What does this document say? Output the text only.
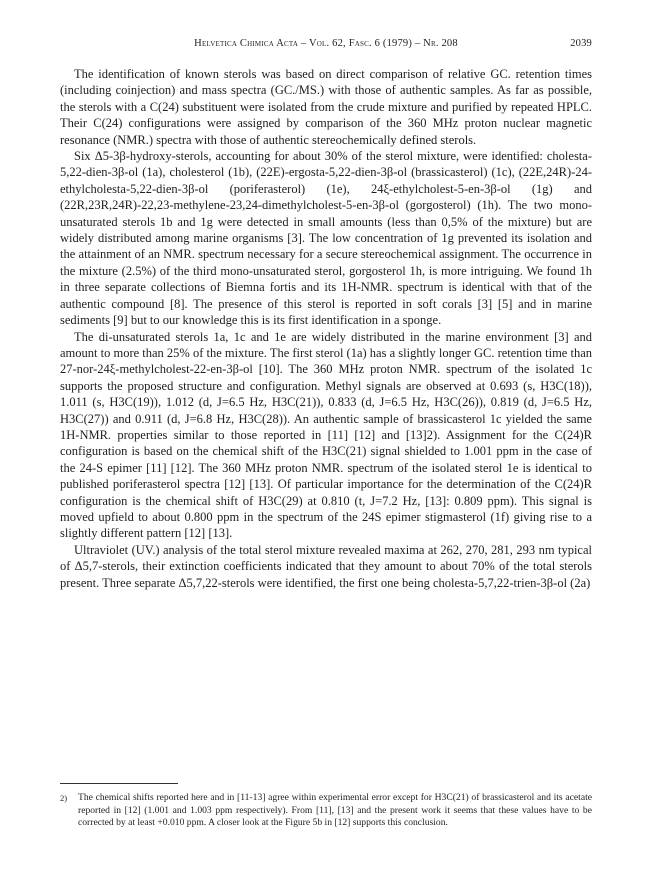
Helvetica Chimica Acta – Vol. 62, Fasc. 6 (1979) – Nr. 208	2039

The identification of known sterols was based on direct comparison of relative GC. retention times (including coinjection) and mass spectra (GC./MS.) with those of authentic samples. As far as possible, the sterols with a C(24) substituent were isolated from the crude mixture and purified by repeated HPLC. Their C(24) configurations were assigned by comparison of the 360 MHz proton nuclear magnetic resonance (NMR.) spectra with those of authentic stereochemically defined sterols.

Six Δ5-3β-hydroxy-sterols, accounting for about 30% of the sterol mixture, were identified: cholesta-5,22-dien-3β-ol (1a), cholesterol (1b), (22E)-ergosta-5,22-dien-3β-ol (brassicasterol) (1c), (22E,24R)-24-ethylcholesta-5,22-dien-3β-ol (poriferasterol) (1e), 24ξ-ethylcholest-5-en-3β-ol (1g) and (22R,23R,24R)-22,23-methylene-23,24-dimethylcholest-5-en-3β-ol (gorgosterol) (1h). The two mono-unsaturated sterols 1b and 1g were detected in small amounts (less than 0,5% of the mixture) but are widely distributed among marine organisms [3]. The low concentration of 1g prevented its isolation and the attainment of an NMR. spectrum necessary for a secure stereochemical assignment. The occurrence in the mixture (2.5%) of the third mono-unsaturated sterol, gorgosterol 1h, is more intriguing. We found 1h in three separate collections of Biemna fortis and its 1H-NMR. spectrum is identical with that of the authentic compound [8]. The presence of this sterol is reported in soft corals [3] [5] and in marine sediments [9] but to our knowledge this is its first identification in a sponge.

The di-unsaturated sterols 1a, 1c and 1e are widely distributed in the marine environment [3] and amount to more than 25% of the mixture. The first sterol (1a) has a slightly longer GC. retention time than 27-nor-24ξ-methylcholest-22-en-3β-ol [10]. The 360 MHz proton NMR. spectrum of the isolated 1c supports the proposed structure and configuration. Methyl signals are observed at 0.693 (s, H3C(18)), 1.011 (s, H3C(19)), 1.012 (d, J=6.5 Hz, H3C(21)), 0.833 (d, J=6.5 Hz, H3C(26)), 0.819 (d, J=6.5 Hz, H3C(27)) and 0.911 (d, J=6.8 Hz, H3C(28)). An authentic sample of brassicasterol 1c yielded the same 1H-NMR. properties similar to those reported in [11] [12] and [13]2). Assignment for the C(24)R configuration is based on the chemical shift of the H3C(21) signal shielded to 1.001 ppm in the case of the 24-S epimer [11] [12]. The 360 MHz proton NMR. spectrum of the isolated sterol 1e is identical to published poriferasterol spectra [12] [13]. Of particular importance for the determination of the C(24)R configuration is the chemical shift of H3C(29) at 0.810 (t, J=7.2 Hz, [13]: 0.809 ppm). This signal is moved upfield to about 0.800 ppm in the spectrum of the 24S epimer stigmasterol (1f) giving rise to a slightly different pattern [12] [13].

Ultraviolet (UV.) analysis of the total sterol mixture revealed maxima at 262, 270, 281, 293 nm typical of Δ5,7-sterols, their extinction coefficients indicated that they amount to about 70% of the total sterols present. Three separate Δ5,7,22-sterols were identified, the first one being cholesta-5,7,22-trien-3β-ol (2a)

2)	The chemical shifts reported here and in [11-13] agree within experimental error except for H3C(21) of brassicasterol and its acetate reported in [12] (1.001 and 1.003 ppm respectively). From [11], [13] and the present work it seems that these values have to be corrected by at least +0.010 ppm. A closer look at the Figure 5b in [12] supports this conclusion.
